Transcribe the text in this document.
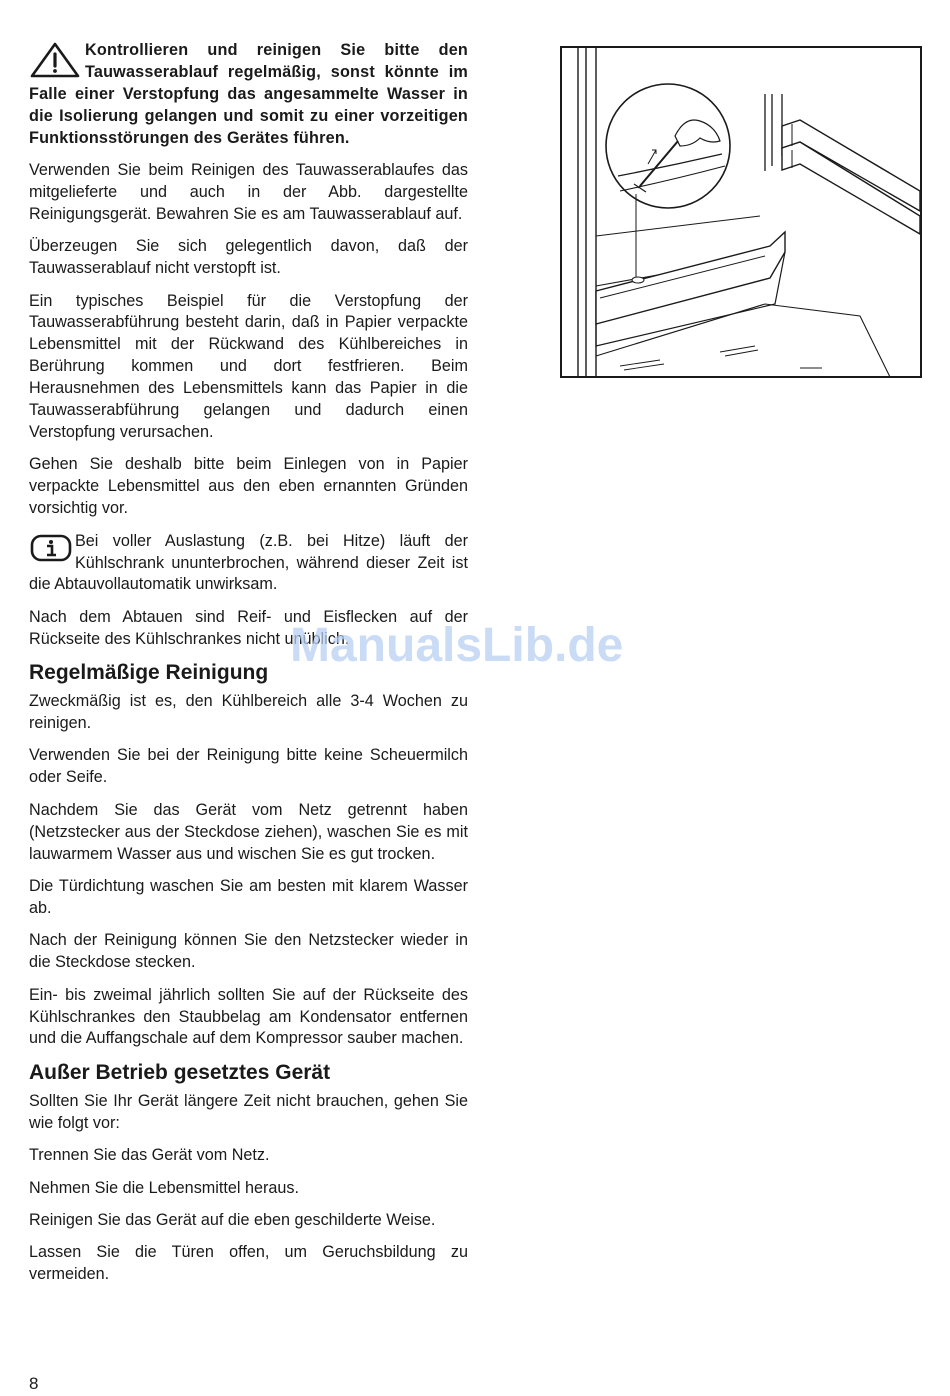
Kontrollieren und reinigen Sie bitte den Tauwasserablauf regelmäßig, sonst könnte im Falle einer Verstopfung das angesammelte Wasser in die Isolierung gelangen und somit zu einer vorzeitigen Funktionsstörungen des Gerätes führen.

Verwenden Sie beim Reinigen des Tauwasserablaufes das mitgelieferte und auch in der Abb. dargestellte Reinigungsgerät. Bewahren Sie es am Tauwasserablauf auf.

Überzeugen Sie sich gelegentlich davon, daß der Tauwasserablauf nicht verstopft ist.

Ein typisches Beispiel für die Verstopfung der Tauwasserabführung besteht darin, daß in Papier verpackte Lebensmittel mit der Rückwand des Kühlbereiches in Berührung kommen und dort festfrieren. Beim Herausnehmen des Lebensmittels kann das Papier in die Tauwasserabführung gelangen und dadurch einen Verstopfung verursachen.

Gehen Sie deshalb bitte beim Einlegen von in Papier verpackte Lebensmittel aus den eben ernannten Gründen vorsichtig vor.

Bei voller Auslastung (z.B. bei Hitze) läuft der Kühlschrank ununterbrochen, während dieser Zeit ist die Abtauvollautomatik unwirksam.

Nach dem Abtauen sind Reif- und Eisflecken auf der Rückseite des Kühlschrankes nicht unüblich.

Regelmäßige Reinigung

Zweckmäßig ist es, den Kühlbereich alle 3-4 Wochen zu reinigen.

Verwenden Sie bei der Reinigung bitte keine Scheuermilch oder Seife.

Nachdem Sie das Gerät vom Netz getrennt haben (Netzstecker aus der Steckdose ziehen), waschen Sie es mit lauwarmem Wasser aus und wischen Sie es gut trocken.

Die Türdichtung waschen Sie am besten mit klarem Wasser ab.

Nach der Reinigung können Sie den Netzstecker wieder in die Steckdose stecken.

Ein- bis zweimal jährlich sollten Sie auf der Rückseite des Kühlschrankes den Staubbelag am Kondensator entfernen und die Auffangschale auf dem Kompressor sauber machen.

Außer Betrieb gesetztes Gerät

Sollten Sie Ihr Gerät längere Zeit nicht brauchen, gehen Sie wie folgt vor:

Trennen Sie das Gerät vom Netz.

Nehmen Sie die Lebensmittel heraus.

Reinigen Sie das Gerät auf die eben geschilderte Weise.

Lassen Sie die Türen offen, um Geruchsbildung zu vermeiden.

ManualsLib.de
8
